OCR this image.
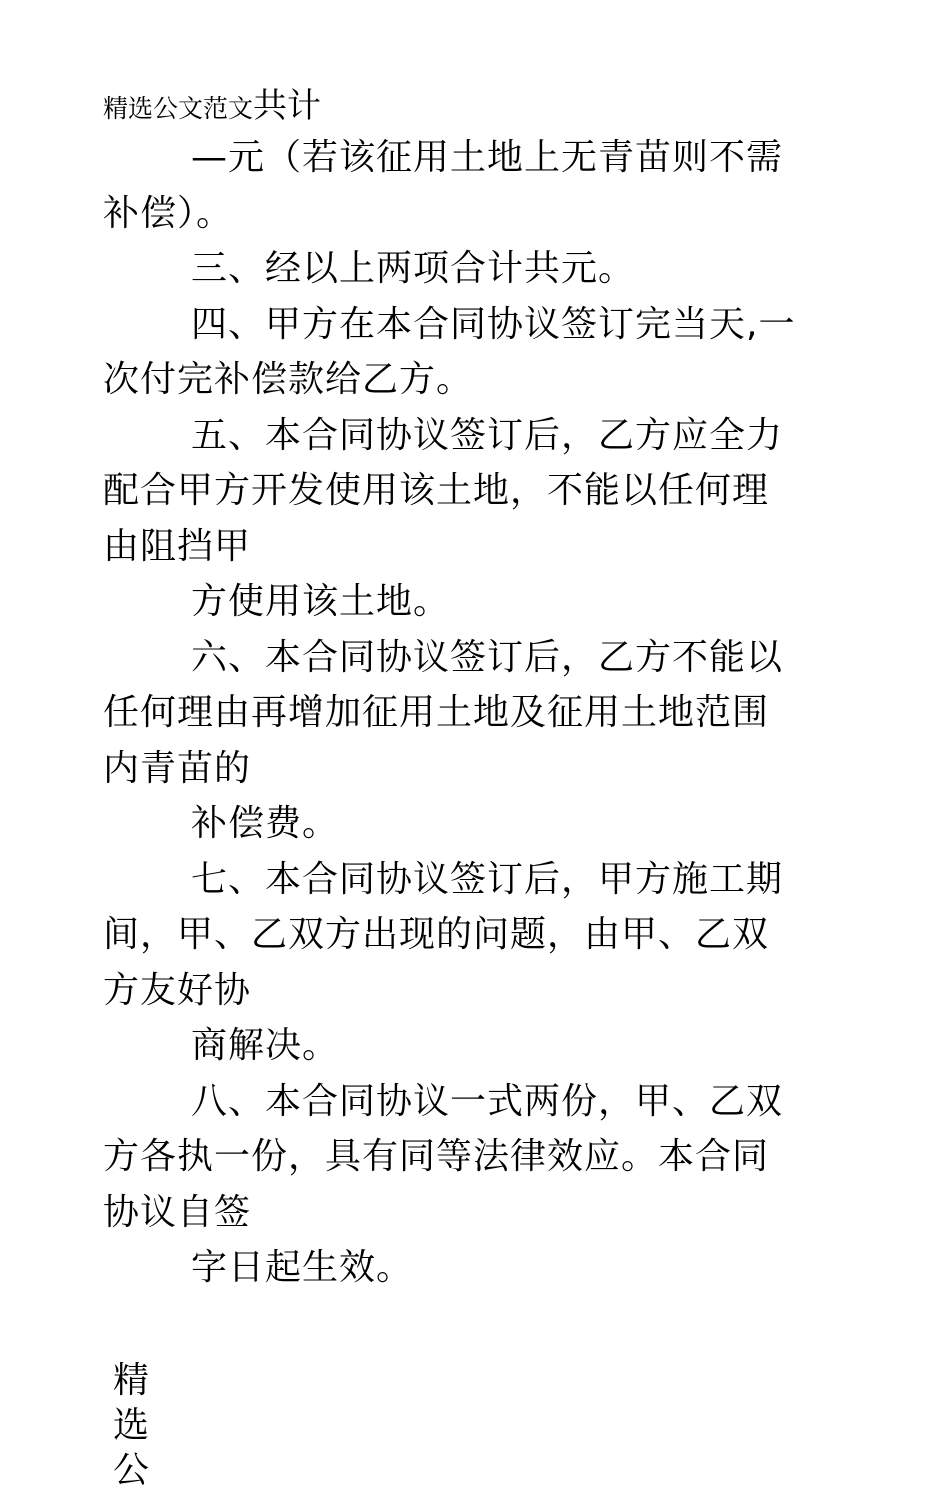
精选公文范文共计

—元（若该征用土地上无青苗则不需

补偿）。

三、经以上两项合计共元。

四、甲方在本合同协议签订完当天,一

次付完补偿款给乙方。

五、本合同协议签订后，乙方应全力

配合甲方开发使用该土地，不能以任何理

由阻挡甲

方使用该土地。

六、本合同协议签订后，乙方不能以

任何理由再增加征用土地及征用土地范围

内青苗的

补偿费。

七、本合同协议签订后，甲方施工期

间，甲、乙双方出现的问题，由甲、乙双

方友好协

商解决。

八、本合同协议一式两份，甲、乙双

方各执一份，具有同等法律效应。本合同

协议自签

字日起生效。

精
选
公
